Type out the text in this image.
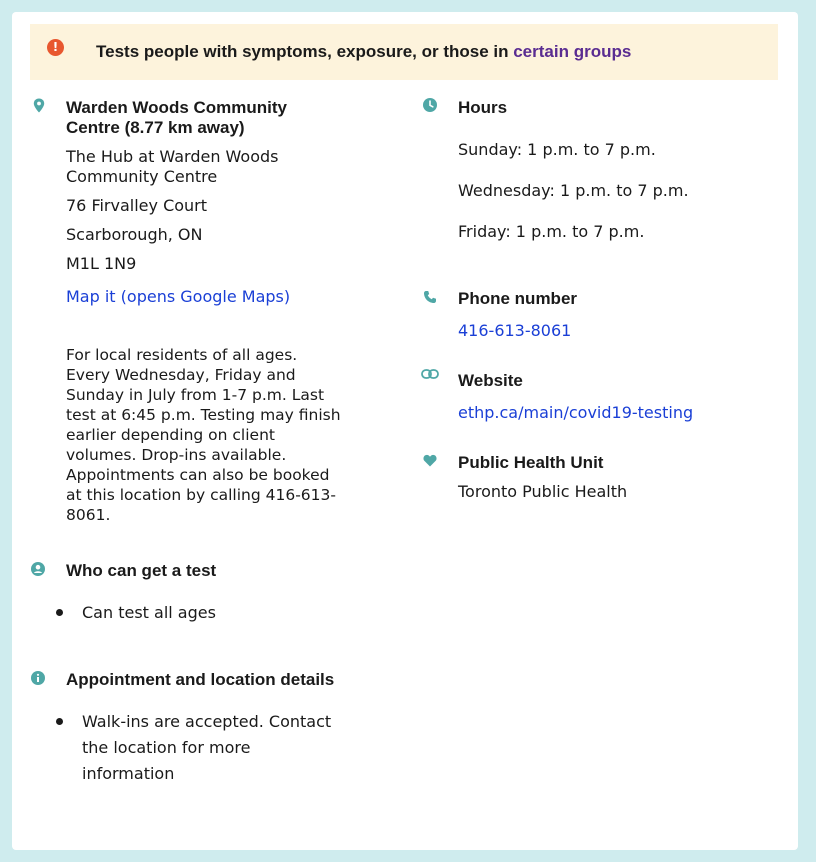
!	Tests people with symptoms, exposure, or those in certain groups
Warden Woods Community
Centre (8.77 km away)
The Hub at Warden Woods
Community Centre
76 Firvalley Court
Scarborough, ON
M1L 1N9
Map it (opens Google Maps)
For local residents of all ages.
Every Wednesday, Friday and
Sunday in July from 1-7 p.m. Last
test at 6:45 p.m. Testing may finish
earlier depending on client
volumes. Drop-ins available.
Appointments can also be booked
at this location by calling 416-613-
8061.
Who can get a test
Can test all ages
Appointment and location details
Walk-ins are accepted. Contact
the location for more
information
Hours
Sunday: 1 p.m. to 7 p.m.
Wednesday: 1 p.m. to 7 p.m.
Friday: 1 p.m. to 7 p.m.
Phone number
416-613-8061
Website
ethp.ca/main/covid19-testing
Public Health Unit
Toronto Public Health
